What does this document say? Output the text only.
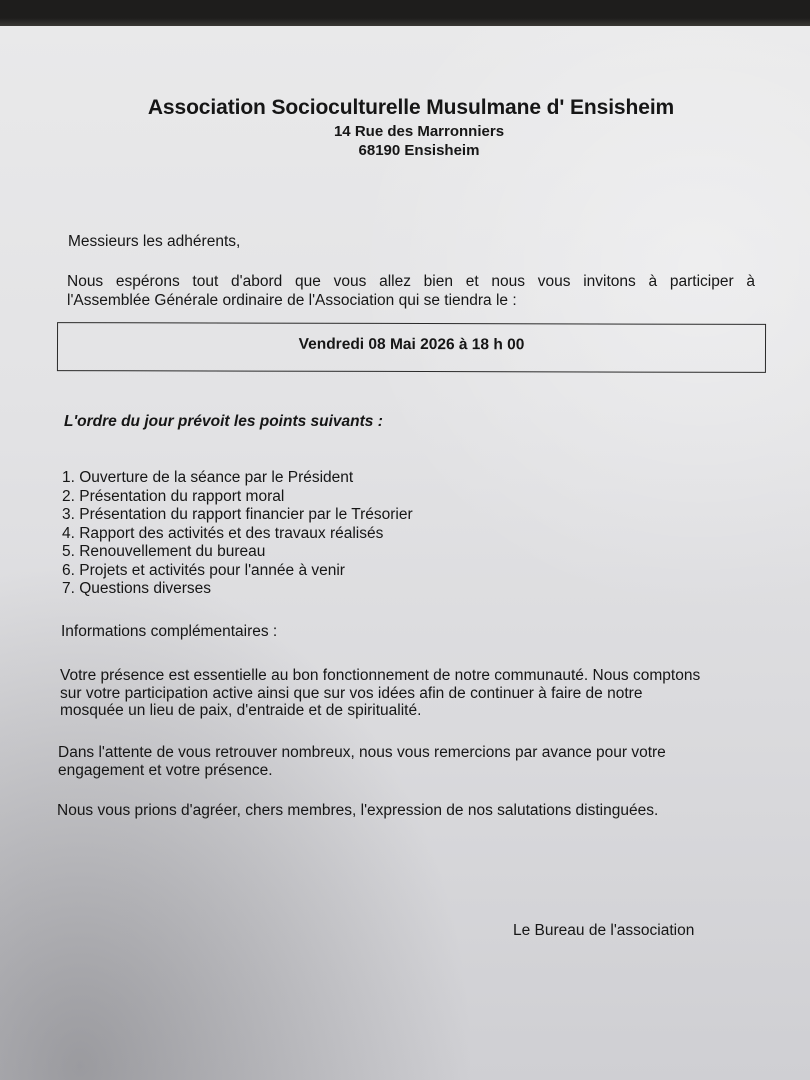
Association Socioculturelle Musulmane d' Ensisheim
14 Rue des Marronniers
68190 Ensisheim
Messieurs les adhérents,
Nous espérons tout d'abord que vous allez bien et nous vous invitons à participer à
l'Assemblée Générale ordinaire de l'Association qui se tiendra le :
Vendredi 08 Mai 2026 à 18 h 00
L'ordre du jour prévoit les points suivants :
1. Ouverture de la séance par le Président
2. Présentation du rapport moral
3. Présentation du rapport financier par le Trésorier
4. Rapport des activités et des travaux réalisés
5. Renouvellement du bureau
6. Projets et activités pour l'année à venir
7. Questions diverses
Informations complémentaires :
Votre présence est essentielle au bon fonctionnement de notre communauté. Nous comptons
sur votre participation active ainsi que sur vos idées afin de continuer à faire de notre
mosquée un lieu de paix, d'entraide et de spiritualité.
Dans l'attente de vous retrouver nombreux, nous vous remercions par avance pour votre
engagement et votre présence.
Nous vous prions d'agréer, chers membres, l'expression de nos salutations distinguées.
Le Bureau de l'association
